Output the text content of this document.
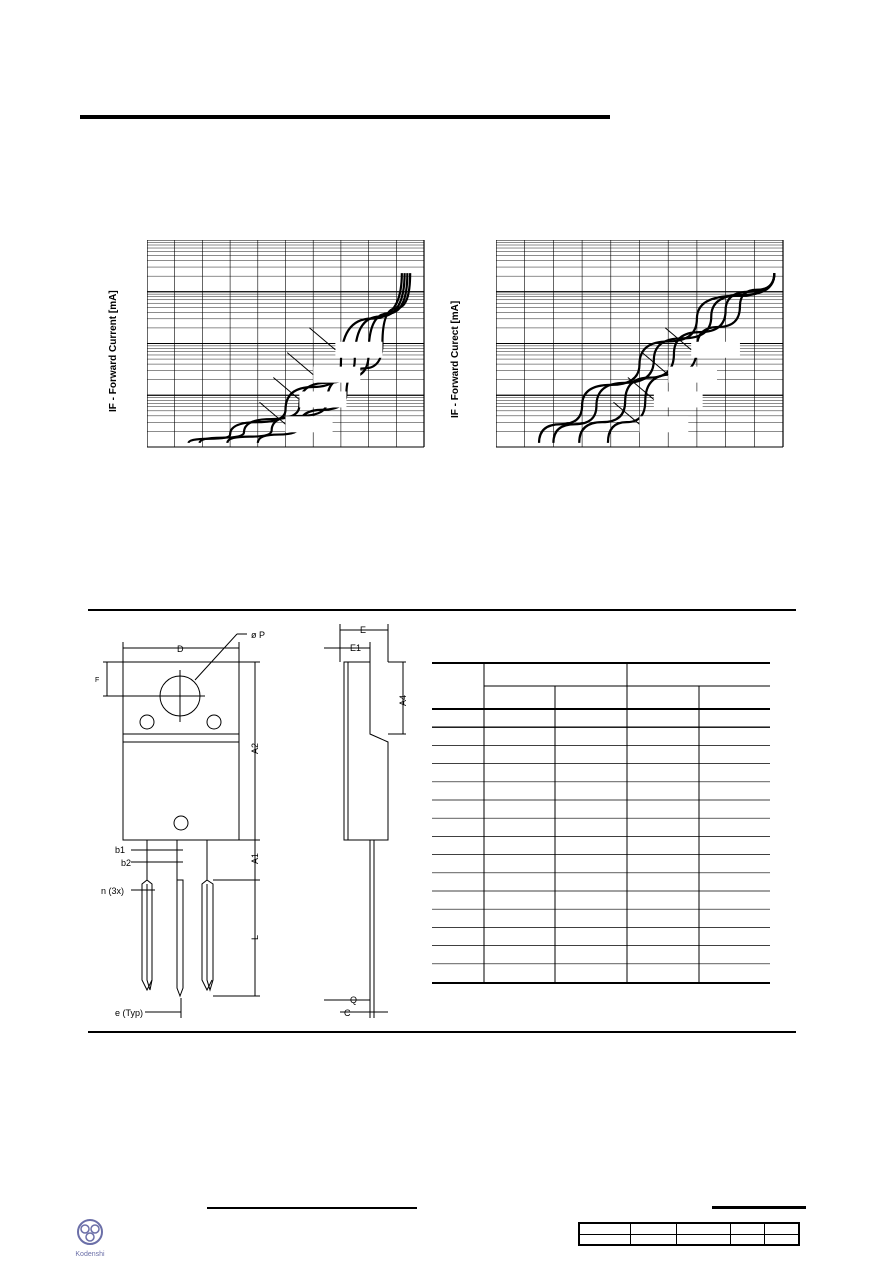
IF - Forward Current [mA]	IF - Forward Curect [mA]
D
ø P
F
A2
A1
L
b1
b2
n (3x)
e (Typ)
E
E1
A4
Q
C
Kodenshi
